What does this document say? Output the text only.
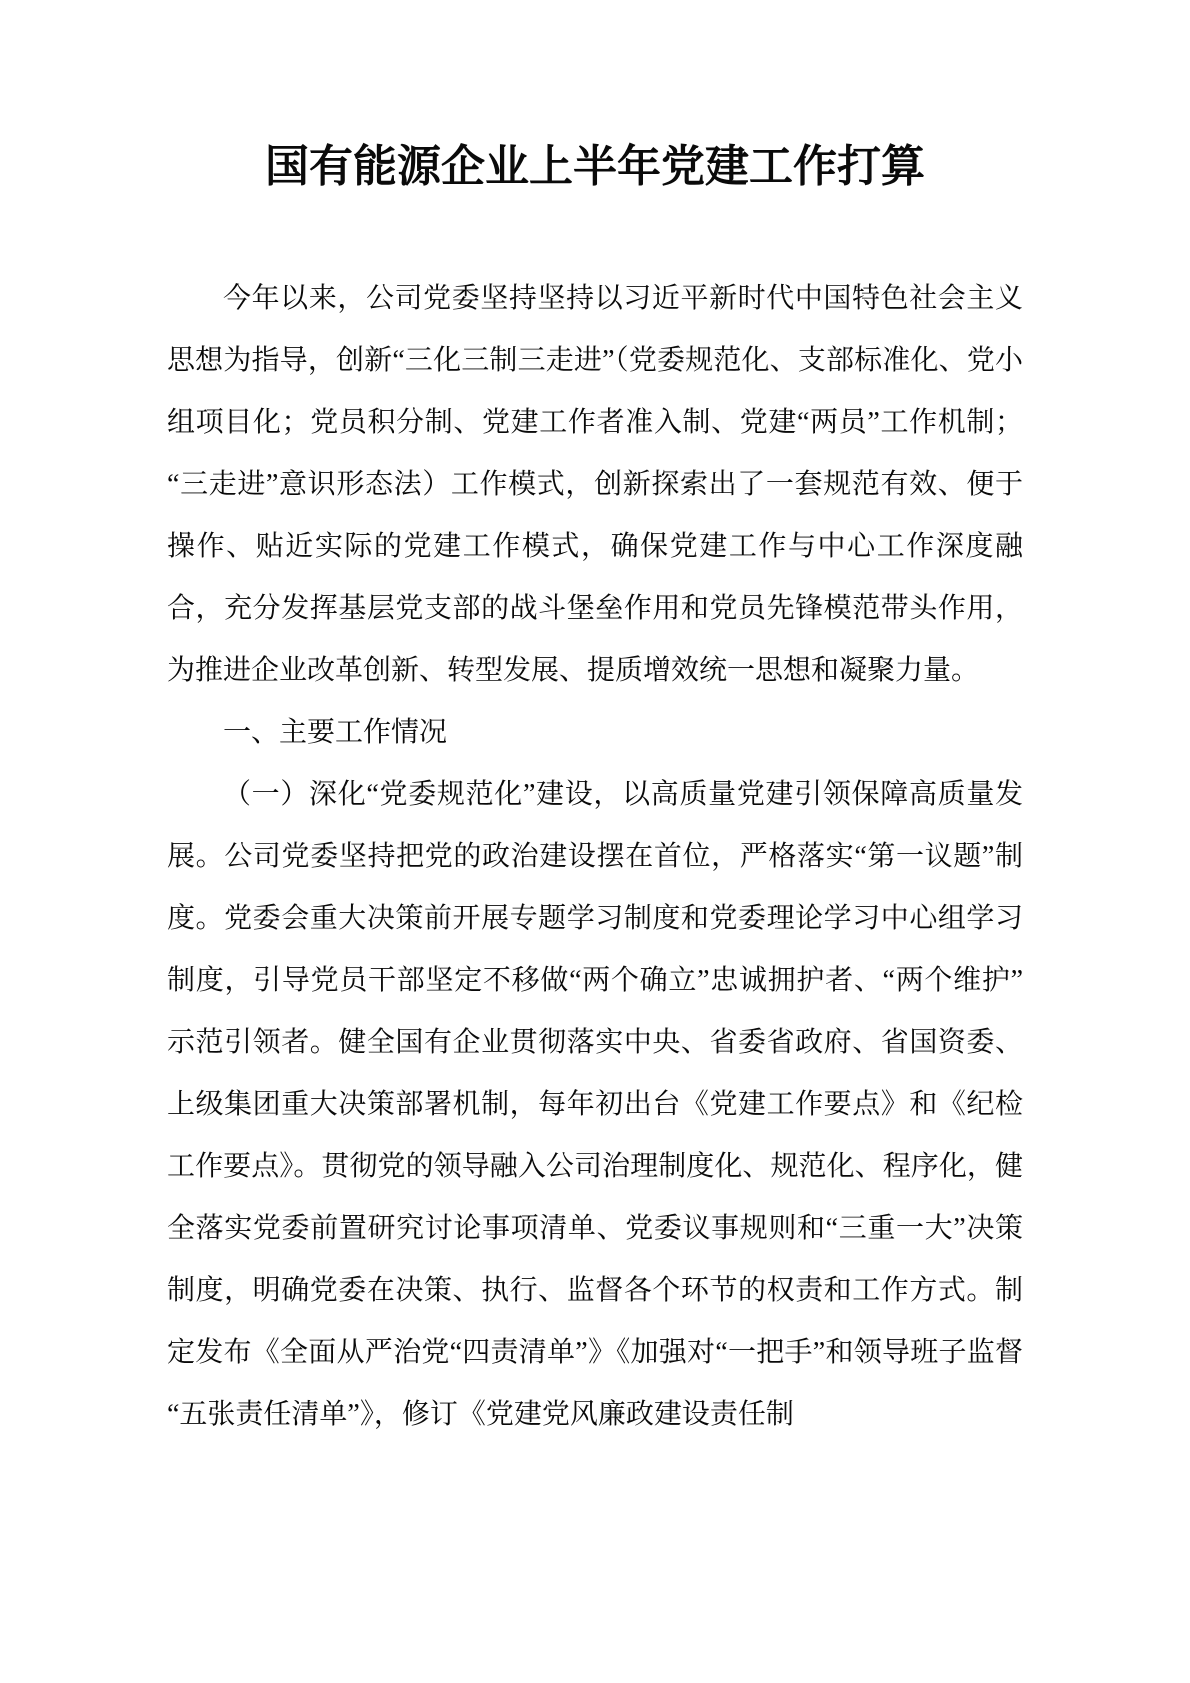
国有能源企业上半年党建工作打算

今年以来，公司党委坚持坚持以习近平新时代中国特色社会主义思想为指导，创新“三化三制三走进”（党委规范化、支部标准化、党小组项目化；党员积分制、党建工作者准入制、党建“两员”工作机制；“三走进”意识形态法）工作模式，创新探索出了一套规范有效、便于操作、贴近实际的党建工作模式，确保党建工作与中心工作深度融合，充分发挥基层党支部的战斗堡垒作用和党员先锋模范带头作用，为推进企业改革创新、转型发展、提质增效统一思想和凝聚力量。

一、主要工作情况

（一）深化“党委规范化”建设，以高质量党建引领保障高质量发展。公司党委坚持把党的政治建设摆在首位，严格落实“第一议题”制度。党委会重大决策前开展专题学习制度和党委理论学习中心组学习制度，引导党员干部坚定不移做“两个确立”忠诚拥护者、“两个维护”示范引领者。健全国有企业贯彻落实中央、省委省政府、省国资委、上级集团重大决策部署机制，每年初出台《党建工作要点》和《纪检工作要点》。贯彻党的领导融入公司治理制度化、规范化、程序化，健全落实党委前置研究讨论事项清单、党委议事规则和“三重一大”决策制度，明确党委在决策、执行、监督各个环节的权责和工作方式。制定发布《全面从严治党“四责清单”》《加强对“一把手”和领导班子监督“五张责任清单”》，修订《党建党风廉政建设责任制
